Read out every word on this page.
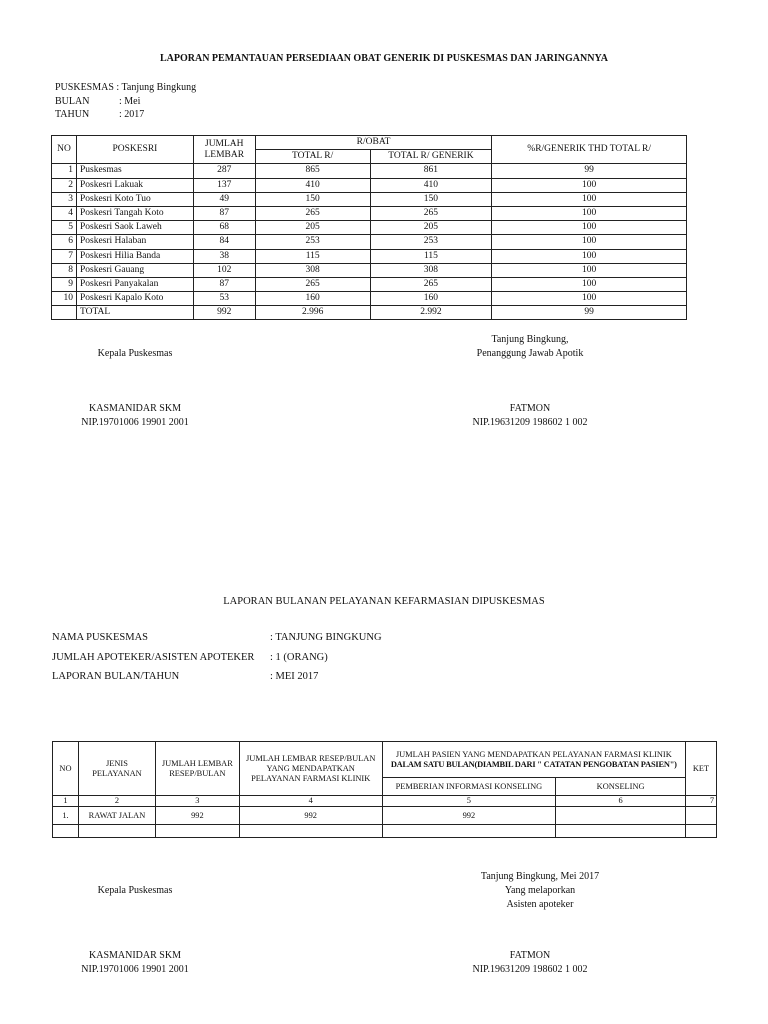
LAPORAN PEMANTAUAN PERSEDIAAN OBAT GENERIK DI PUSKESMAS DAN JARINGANNYA
PUSKESMAS : Tanjung Bingkung
BULAN	: Mei
TAHUN	: 2017
NO	POSKESRI	JUMLAH LEMBAR	R/OBAT		%R/GENERIK THD TOTAL R/
			TOTAL R/	TOTAL R/ GENERIK	
1	Puskesmas	287	865	861	99
2	Poskesri Lakuak	137	410	410	100
3	Poskesri Koto Tuo	49	150	150	100
4	Poskesri Tangah Koto	87	265	265	100
5	Poskesri Saok Laweh	68	205	205	100
6	Poskesri Halaban	84	253	253	100
7	Poskesri Hilia Banda	38	115	115	100
8	Poskesri Gauang	102	308	308	100
9	Poskesri Panyakalan	87	265	265	100
10	Poskesri Kapalo Koto	53	160	160	100
	TOTAL	992	2.996	2.992	99
Kepala Puskesmas
Tanjung Bingkung,
Penanggung Jawab Apotik
KASMANIDAR SKM
NIP.19701006 19901 2001
FATMON
NIP.19631209 198602 1 002
LAPORAN BULANAN PELAYANAN KEFARMASIAN DIPUSKESMAS
NAMA PUSKESMAS	: TANJUNG BINGKUNG
JUMLAH APOTEKER/ASISTEN APOTEKER : 1 (ORANG)
LAPORAN BULAN/TAHUN	: MEI 2017
NO	JENIS PELAYANAN	JUMLAH LEMBAR RESEP/BULAN	JUMLAH LEMBAR RESEP/BULAN YANG MENDAPATKAN PELAYANAN FARMASI KLINIK	JUMLAH PASIEN YANG MENDAPATKAN PELAYANAN FARMASI KLINIK
DALAM SATU BULAN(DIAMBIL DARI " CATATAN PENGOBATAN PASIEN")		KET
				PEMBERIAN INFORMASI KONSELING	KONSELING	
1	2	3	4	5	6	7
1.	RAWAT JALAN	992	992	992		

Tanjung Bingkung, Mei 2017
Yang melaporkan
Asisten apoteker
Kepala Puskesmas
KASMANIDAR SKM
NIP.19701006 19901 2001
FATMON
NIP.19631209 198602 1 002
